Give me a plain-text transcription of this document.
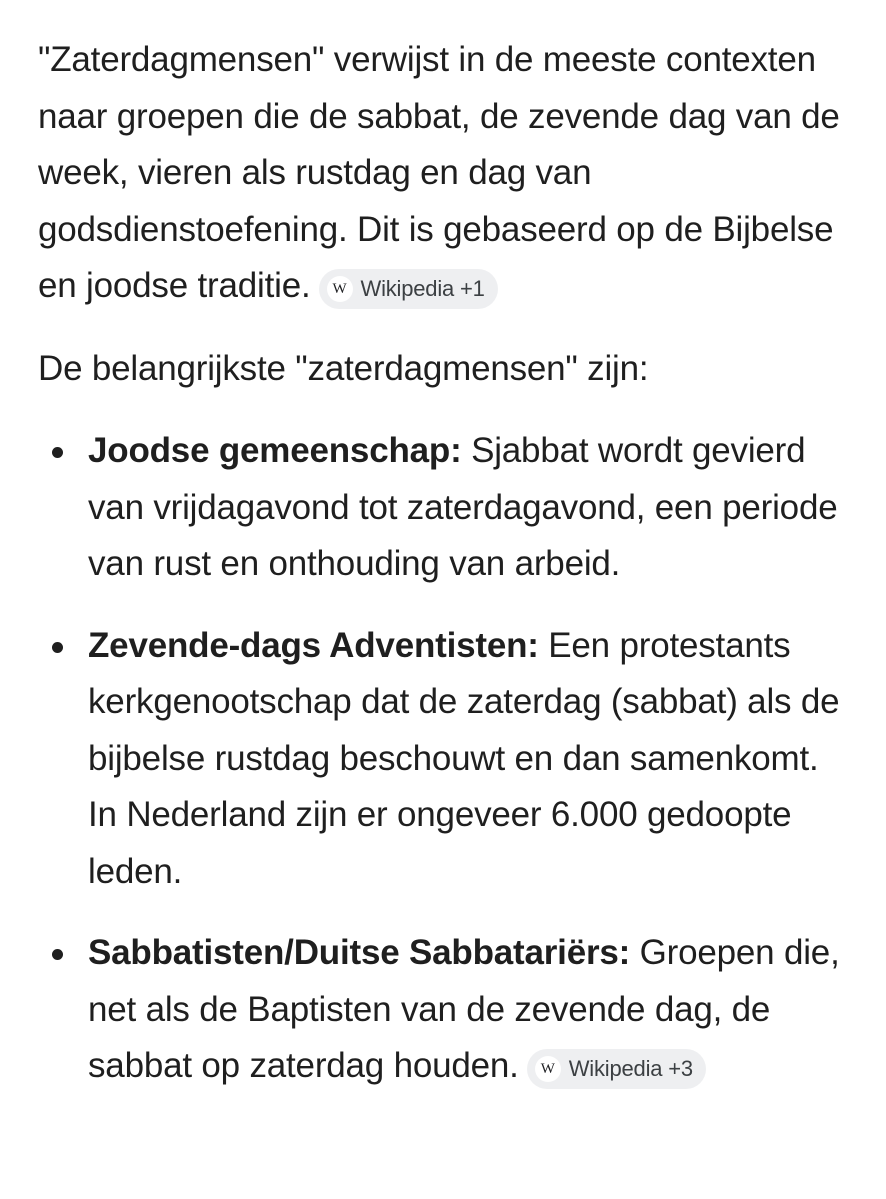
"Zaterdagmensen" verwijst in de meeste contexten naar groepen die de sabbat, de zevende dag van de week, vieren als rustdag en dag van godsdienstoefening. Dit is gebaseerd op de Bijbelse en joodse traditie.	W Wikipedia +1

De belangrijkste "zaterdagmensen" zijn:

Joodse gemeenschap: Sjabbat wordt gevierd van vrijdagavond tot zaterdagavond, een periode van rust en onthouding van arbeid.
Zevende-dags Adventisten: Een protestants kerkgenootschap dat de zaterdag (sabbat) als de bijbelse rustdag beschouwt en dan samenkomt. In Nederland zijn er ongeveer 6.000 gedoopte leden.
Sabbatisten/Duitse Sabbatariërs: Groepen die, net als de Baptisten van de zevende dag, de sabbat op zaterdag houden.	W Wikipedia +3
